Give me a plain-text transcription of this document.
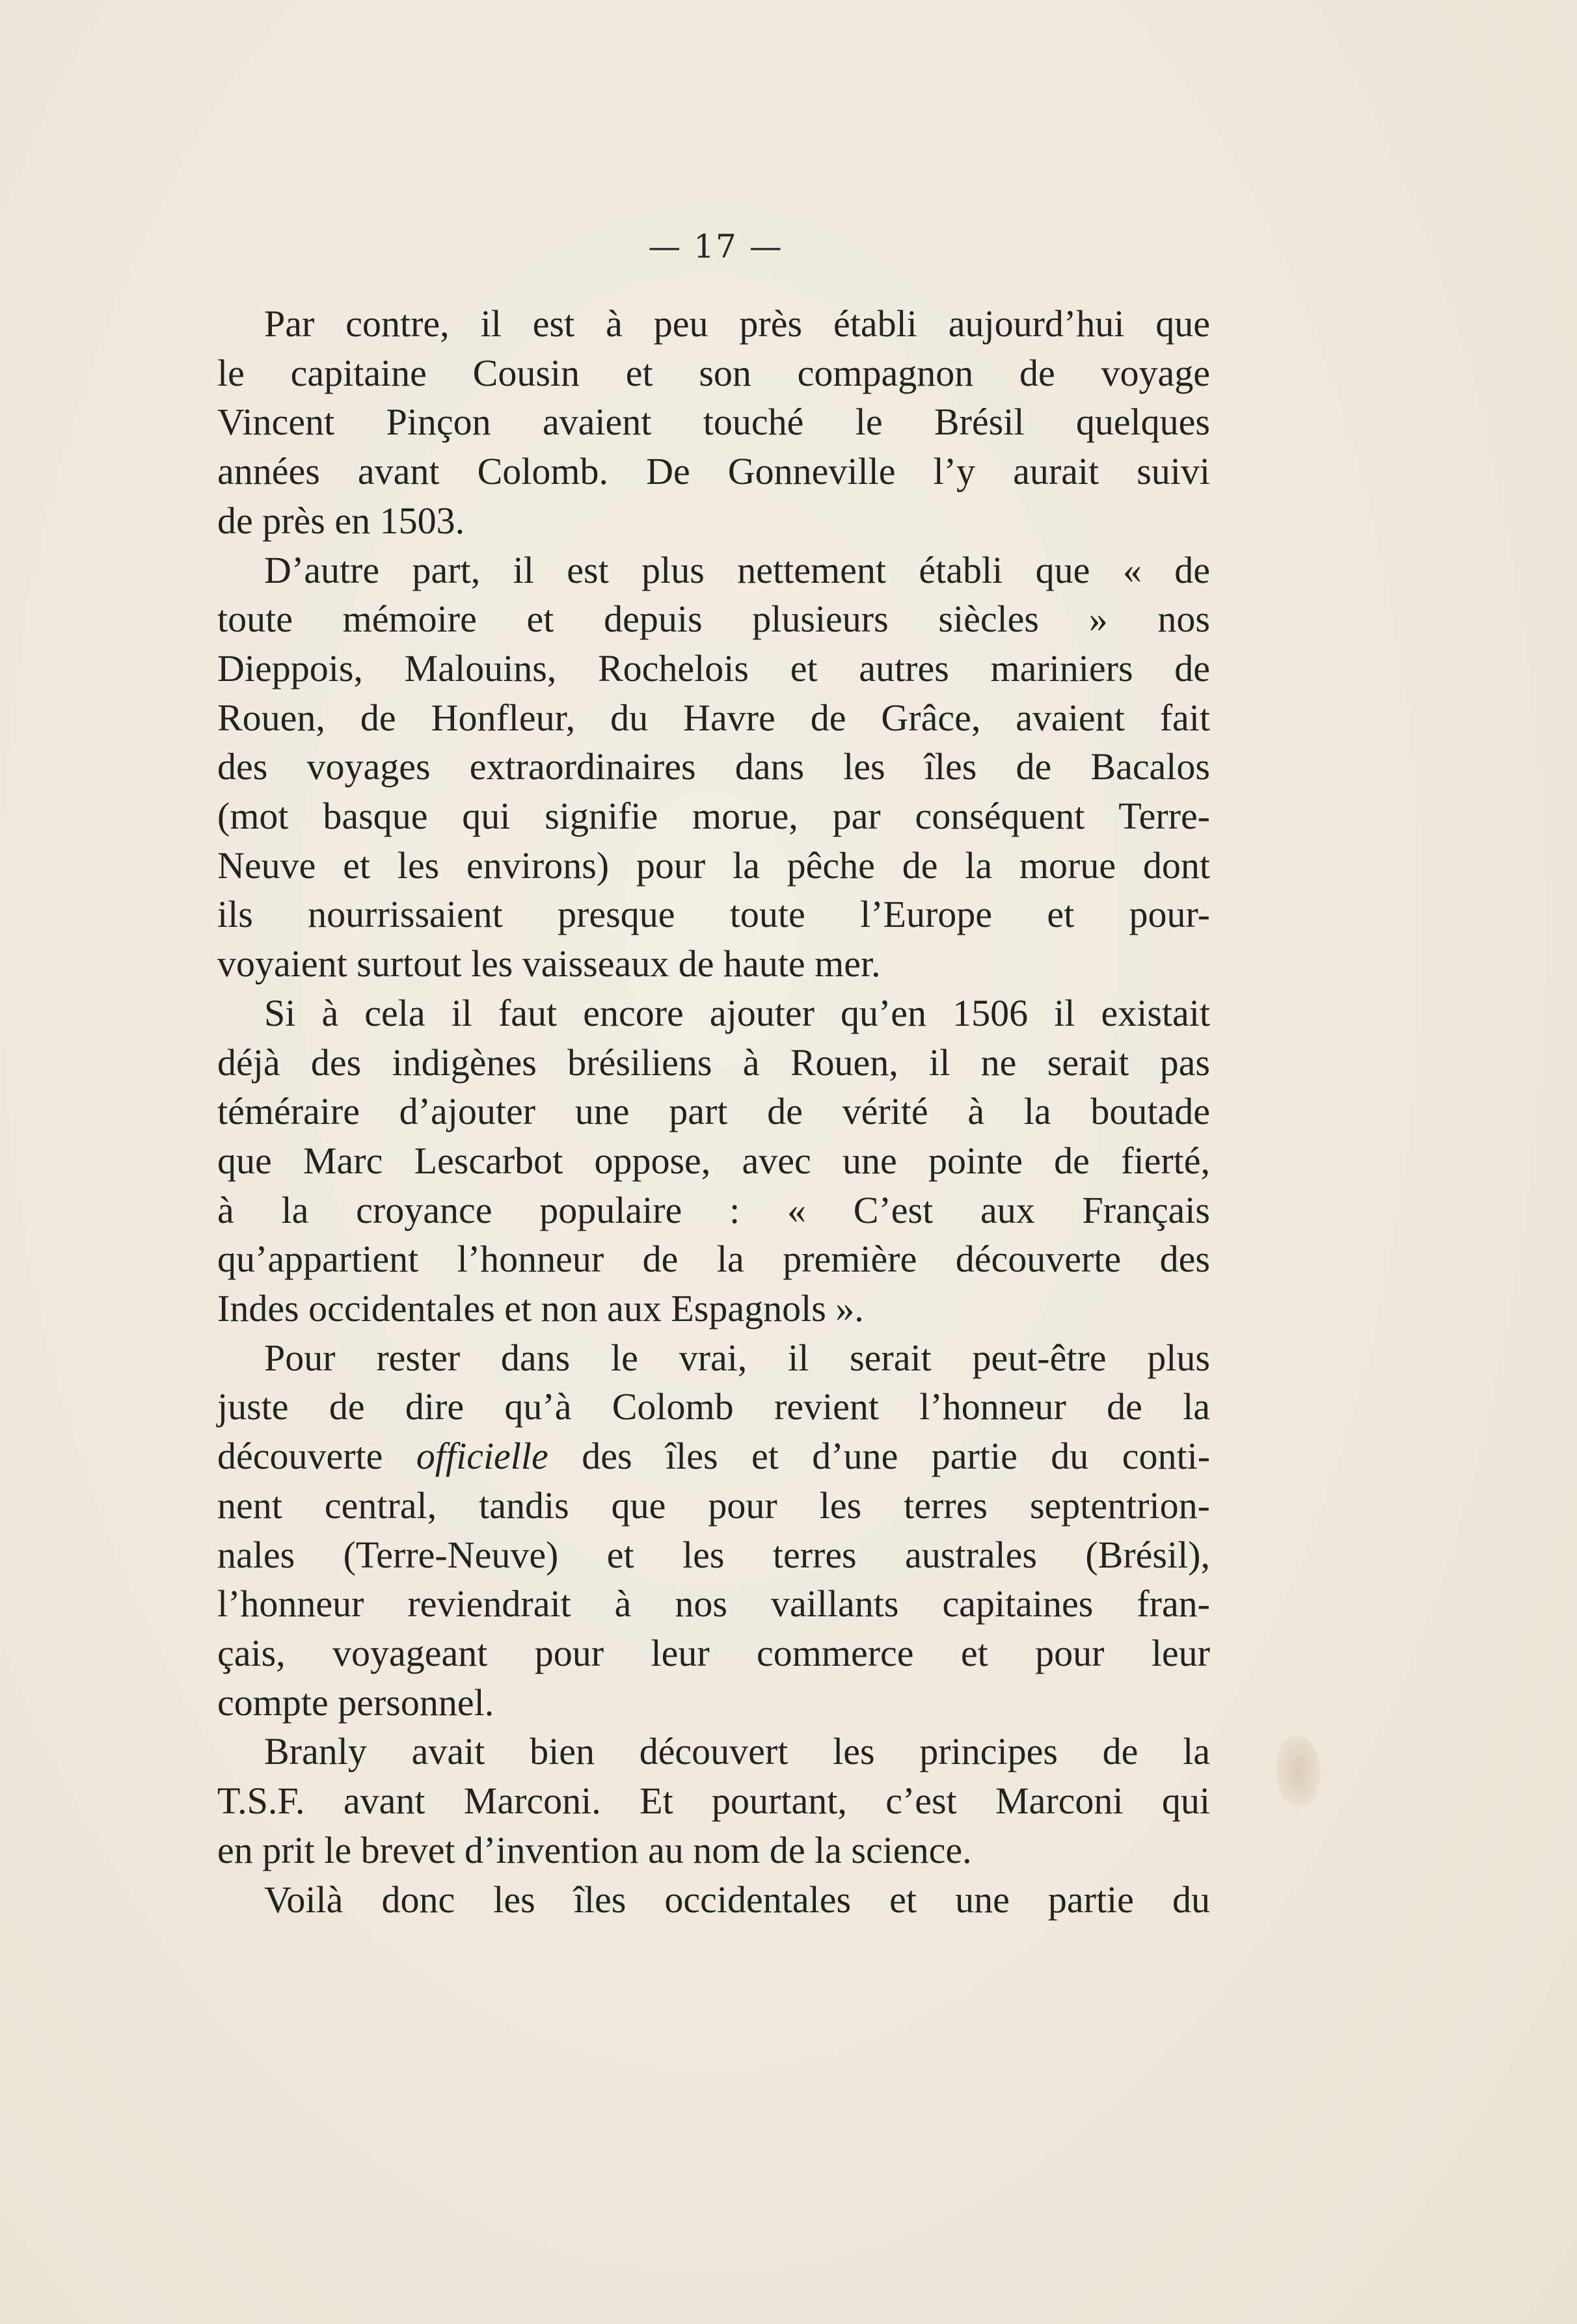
— 17 —
Par contre, il est à peu près établi aujourd’hui que
le capitaine Cousin et son compagnon de voyage
Vincent Pinçon avaient touché le Brésil quelques
années avant Colomb. De Gonneville l’y aurait suivi
de près en 1503.
D’autre part, il est plus nettement établi que « de
toute mémoire et depuis plusieurs siècles » nos
Dieppois, Malouins, Rochelois et autres mariniers de
Rouen, de Honfleur, du Havre de Grâce, avaient fait
des voyages extraordinaires dans les îles de Bacalos
(mot basque qui signifie morue, par conséquent Terre-
Neuve et les environs) pour la pêche de la morue dont
ils nourrissaient presque toute l’Europe et pour-
voyaient surtout les vaisseaux de haute mer.
Si à cela il faut encore ajouter qu’en 1506 il existait
déjà des indigènes brésiliens à Rouen, il ne serait pas
téméraire d’ajouter une part de vérité à la boutade
que Marc Lescarbot oppose, avec une pointe de fierté,
à la croyance populaire : « C’est aux Français
qu’appartient l’honneur de la première découverte des
Indes occidentales et non aux Espagnols ».
Pour rester dans le vrai, il serait peut-être plus
juste de dire qu’à Colomb revient l’honneur de la
découverte officielle des îles et d’une partie du conti-
nent central, tandis que pour les terres septentrion-
nales (Terre-Neuve) et les terres australes (Brésil),
l’honneur reviendrait à nos vaillants capitaines fran-
çais, voyageant pour leur commerce et pour leur
compte personnel.
Branly avait bien découvert les principes de la
T.S.F. avant Marconi. Et pourtant, c’est Marconi qui
en prit le brevet d’invention au nom de la science.
Voilà donc les îles occidentales et une partie du
